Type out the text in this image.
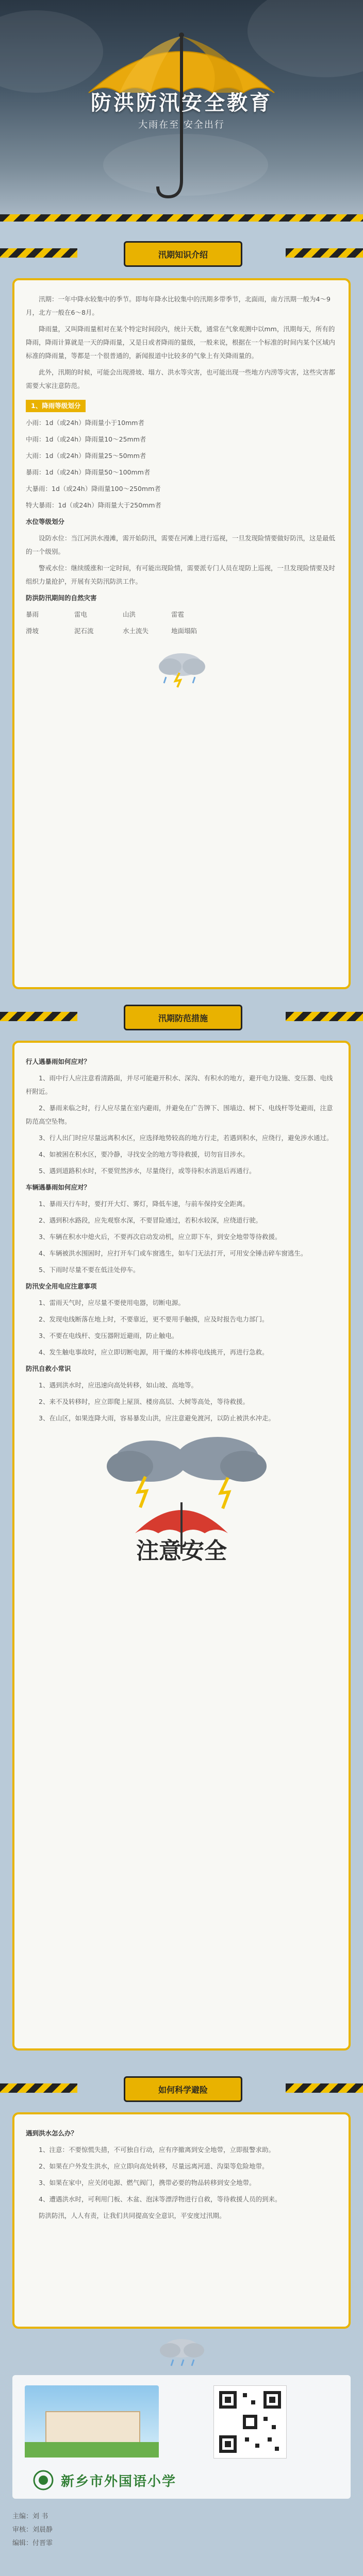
防洪防汛安全教育
大雨在至 安全出行
汛期知识介绍

汛期：一年中降水较集中的季节。即每年降水比较集中的汛期多带季节，北面雨，南方汛期一般为4～9月，北方一般在6～8月。

降雨量，又叫降雨量相对在某个特定时间段内，统计天数，通常在气象观测中以mm，汛期每天，所有的降雨，降雨计算就是一天的降雨量，又是日或者降雨的量级，一般来说，根据在一个标准的时间内某个区域内标准的降雨量，等都是一个很普通的，新闻报道中比较多的气象上有关降雨量的。

此外，汛期的时候，可能会出现滑坡、塌方、洪水等灾害，也可能出现一些地方内涝等灾害，这些灾害都需要大家注意防范。

1、降雨等级划分

小雨：1d（或24h）降雨量小于10mm者

中雨：1d（或24h）降雨量10～25mm者

大雨：1d（或24h）降雨量25～50mm者

暴雨：1d（或24h）降雨量50～100mm者

大暴雨：1d（或24h）降雨量100～250mm者

特大暴雨：1d（或24h）降雨量大于250mm者

水位等级划分

设防水位：当江河洪水漫滩，需开始防汛，需要在河滩上进行巡视，一旦发现险情要做好防汛，这是最低的一个级别。

警戒水位：继续缓涨和一定时间，有可能出现险情，需要派专门人员在堤防上巡视，一旦发现险情要及时组织力量抢护，开展有关防汛防洪工作。

防洪防汛期间的自然灾害

暴雨	雷电	山洪	雷雹

滑坡	泥石流	水土流失	地面塌陷

汛期防范措施

行人遇暴雨如何应对？

1、雨中行人应注意看清路面，并尽可能避开积水、深沟、有积水的地方，避开电力设施、变压器、电线杆附近。

2、暴雨来临之时，行人应尽量在室内避雨，并避免在广告牌下、围墙边、树下、电线杆等处避雨，注意防范高空坠物。

3、行人出门时应尽量远离积水区，应选择地势较高的地方行走，若遇到积水，应绕行，避免涉水通过。

4、如被困在积水区，要冷静，寻找安全的地方等待救援，切勿盲目涉水。

5、遇到道路积水时，不要贸然涉水，尽量绕行，或等待积水消退后再通行。

车辆遇暴雨如何应对？

1、暴雨天行车时，要打开大灯、雾灯，降低车速，与前车保持安全距离。

2、遇到积水路段，应先观察水深，不要冒险通过，若积水较深，应绕道行驶。

3、车辆在积水中熄火后，不要再次启动发动机，应立即下车，到安全地带等待救援。

4、车辆被洪水围困时，应打开车门或车窗逃生，如车门无法打开，可用安全锤击碎车窗逃生。

5、下雨时尽量不要在低洼处停车。

防汛安全用电应注意事项

1、雷雨天气时，应尽量不要使用电器，切断电源。

2、发现电线断落在地上时，不要靠近，更不要用手触摸，应及时报告电力部门。

3、不要在电线杆、变压器附近避雨，防止触电。

4、发生触电事故时，应立即切断电源，用干燥的木棒将电线挑开，再进行急救。

防汛自救小常识

1、遇到洪水时，应迅速向高处转移，如山坡、高地等。

2、来不及转移时，应立即爬上屋顶、楼房高层、大树等高处，等待救援。

3、在山区，如果连降大雨，容易暴发山洪，应注意避免渡河，以防止被洪水冲走。

注意安全
如何科学避险

遇到洪水怎么办？

1、注意：不要惊慌失措，不可独自行动，应有序撤离到安全地带，立即报警求助。

2、如果在户外发生洪水，应立即向高处转移，尽量远离河道、沟渠等危险地带。

3、如果在家中，应关闭电源、燃气阀门，携带必要的物品转移到安全地带。

4、遭遇洪水时，可利用门板、木盆、泡沫等漂浮物进行自救，等待救援人员的到来。

防洪防汛，人人有责，让我们共同提高安全意识，平安度过汛期。

新乡市外国语小学
主编：刘 书
审核：刘晨静
编辑：付晋霏
